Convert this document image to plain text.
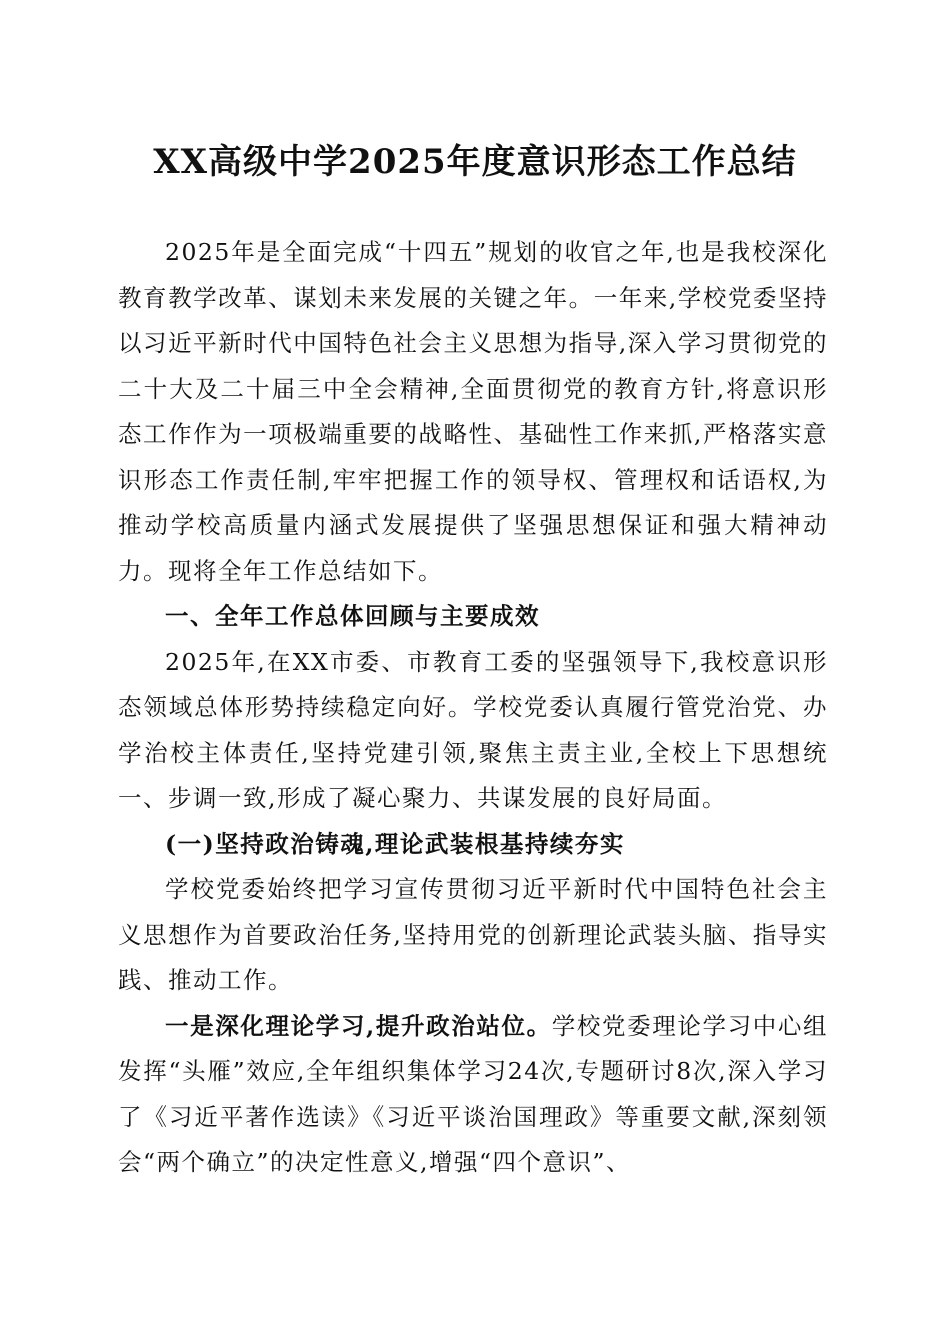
XX高级中学2025年度意识形态工作总结

2025年是全面完成“十四五”规划的收官之年,也是我校深化教育教学改革、谋划未来发展的关键之年。一年来,学校党委坚持以习近平新时代中国特色社会主义思想为指导,深入学习贯彻党的二十大及二十届三中全会精神,全面贯彻党的教育方针,将意识形态工作作为一项极端重要的战略性、基础性工作来抓,严格落实意识形态工作责任制,牢牢把握工作的领导权、管理权和话语权,为推动学校高质量内涵式发展提供了坚强思想保证和强大精神动力。现将全年工作总结如下。

一、全年工作总体回顾与主要成效

2025年,在XX市委、市教育工委的坚强领导下,我校意识形态领域总体形势持续稳定向好。学校党委认真履行管党治党、办学治校主体责任,坚持党建引领,聚焦主责主业,全校上下思想统一、步调一致,形成了凝心聚力、共谋发展的良好局面。

(一)坚持政治铸魂,理论武装根基持续夯实

学校党委始终把学习宣传贯彻习近平新时代中国特色社会主义思想作为首要政治任务,坚持用党的创新理论武装头脑、指导实践、推动工作。

一是深化理论学习,提升政治站位。学校党委理论学习中心组发挥“头雁”效应,全年组织集体学习24次,专题研讨8次,深入学习了《习近平著作选读》《习近平谈治国理政》等重要文献,深刻领会“两个确立”的决定性意义,增强“四个意识”、
